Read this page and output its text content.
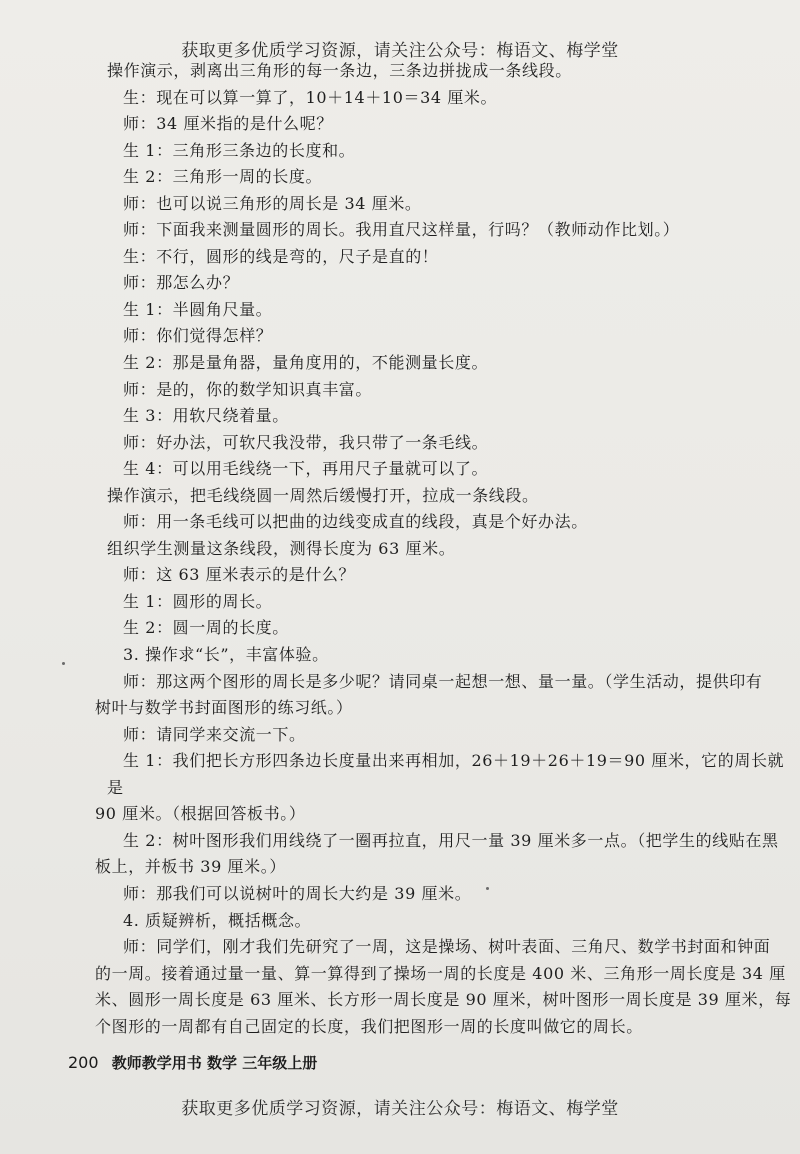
获取更多优质学习资源，请关注公众号：梅语文、梅学堂

操作演示，剥离出三角形的每一条边，三条边拼拢成一条线段。

生：现在可以算一算了，10＋14＋10＝34 厘米。

师：34 厘米指的是什么呢？

生 1：三角形三条边的长度和。

生 2：三角形一周的长度。

师：也可以说三角形的周长是 34 厘米。

师：下面我来测量圆形的周长。我用直尺这样量，行吗？（教师动作比划。）

生：不行，圆形的线是弯的，尺子是直的！

师：那怎么办？

生 1：半圆角尺量。

师：你们觉得怎样？

生 2：那是量角器，量角度用的，不能测量长度。

师：是的，你的数学知识真丰富。

生 3：用软尺绕着量。

师：好办法，可软尺我没带，我只带了一条毛线。

生 4：可以用毛线绕一下，再用尺子量就可以了。

操作演示，把毛线绕圆一周然后缓慢打开，拉成一条线段。

师：用一条毛线可以把曲的边线变成直的线段，真是个好办法。

组织学生测量这条线段，测得长度为 63 厘米。

师：这 63 厘米表示的是什么？

生 1：圆形的周长。

生 2：圆一周的长度。

3. 操作求“长”，丰富体验。

师：那这两个图形的周长是多少呢？请同桌一起想一想、量一量。（学生活动，提供印有

树叶与数学书封面图形的练习纸。）

师：请同学来交流一下。

生 1：我们把长方形四条边长度量出来再相加，26＋19＋26＋19＝90 厘米，它的周长就是

90 厘米。（根据回答板书。）

生 2：树叶图形我们用线绕了一圈再拉直，用尺一量 39 厘米多一点。（把学生的线贴在黑

板上，并板书 39 厘米。）

师：那我们可以说树叶的周长大约是 39 厘米。

4. 质疑辨析，概括概念。

师：同学们，刚才我们先研究了一周，这是操场、树叶表面、三角尺、数学书封面和钟面

的一周。接着通过量一量、算一算得到了操场一周的长度是 400 米、三角形一周长度是 34 厘

米、圆形一周长度是 63 厘米、长方形一周长度是 90 厘米，树叶图形一周长度是 39 厘米，每

个图形的一周都有自己固定的长度，我们把图形一周的长度叫做它的周长。

200 教师教学用书 数学 三年级上册
获取更多优质学习资源，请关注公众号：梅语文、梅学堂
